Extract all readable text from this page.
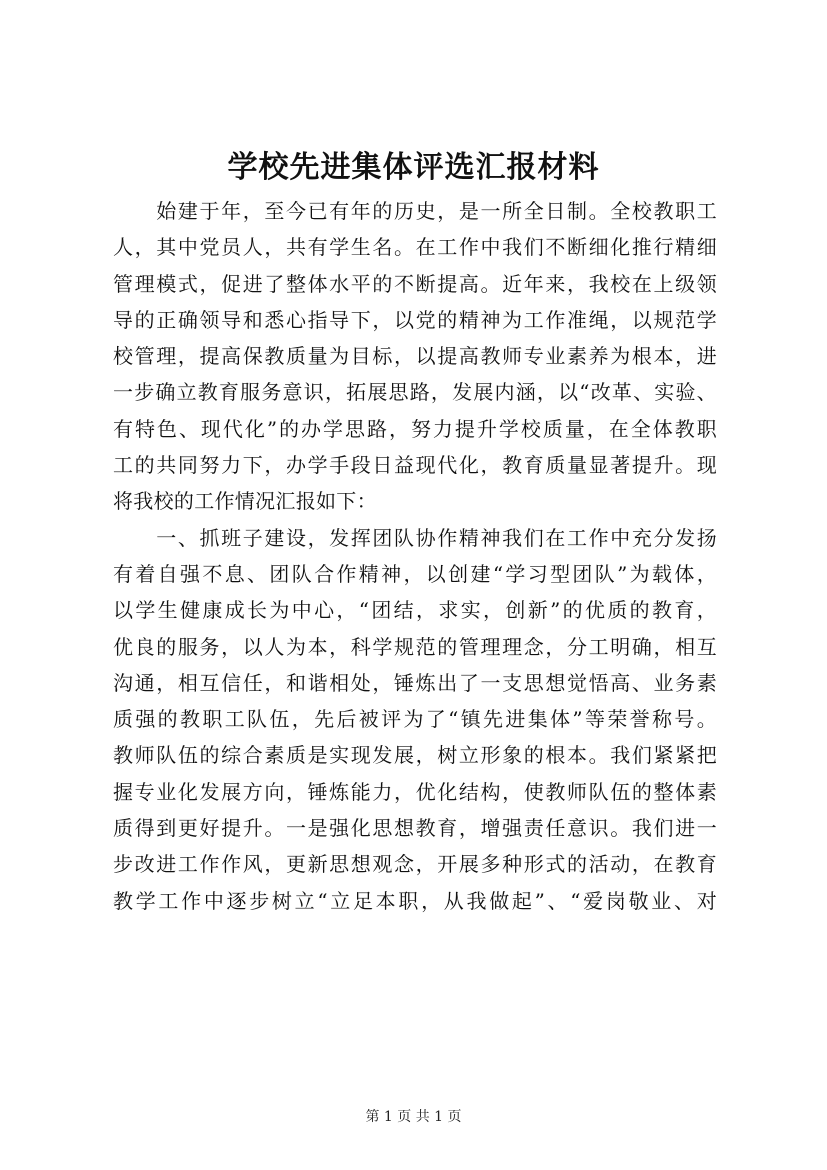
学校先进集体评选汇报材料
　　始建于年，至今已有年的历史，是一所全日制。全校教职工
人，其中党员人，共有学生名。在工作中我们不断细化推行精细
管理模式，促进了整体水平的不断提高。近年来，我校在上级领
导的正确领导和悉心指导下，以党的精神为工作准绳，以规范学
校管理，提高保教质量为目标，以提高教师专业素养为根本，进
一步确立教育服务意识，拓展思路，发展内涵，以“改革、实验、
有特色、现代化”的办学思路，努力提升学校质量，在全体教职
工的共同努力下，办学手段日益现代化，教育质量显著提升。现
将我校的工作情况汇报如下：
　　一、抓班子建设，发挥团队协作精神我们在工作中充分发扬
有着自强不息、团队合作精神，以创建“学习型团队”为载体，
以学生健康成长为中心，“团结，求实，创新”的优质的教育，
优良的服务，以人为本，科学规范的管理理念，分工明确，相互
沟通，相互信任，和谐相处，锤炼出了一支思想觉悟高、业务素
质强的教职工队伍，先后被评为了“镇先进集体”等荣誉称号。
教师队伍的综合素质是实现发展，树立形象的根本。我们紧紧把
握专业化发展方向，锤炼能力，优化结构，使教师队伍的整体素
质得到更好提升。一是强化思想教育，增强责任意识。我们进一
步改进工作作风，更新思想观念，开展多种形式的活动，在教育
教学工作中逐步树立“立足本职，从我做起”、“爱岗敬业、对
第 1 页 共 1 页
